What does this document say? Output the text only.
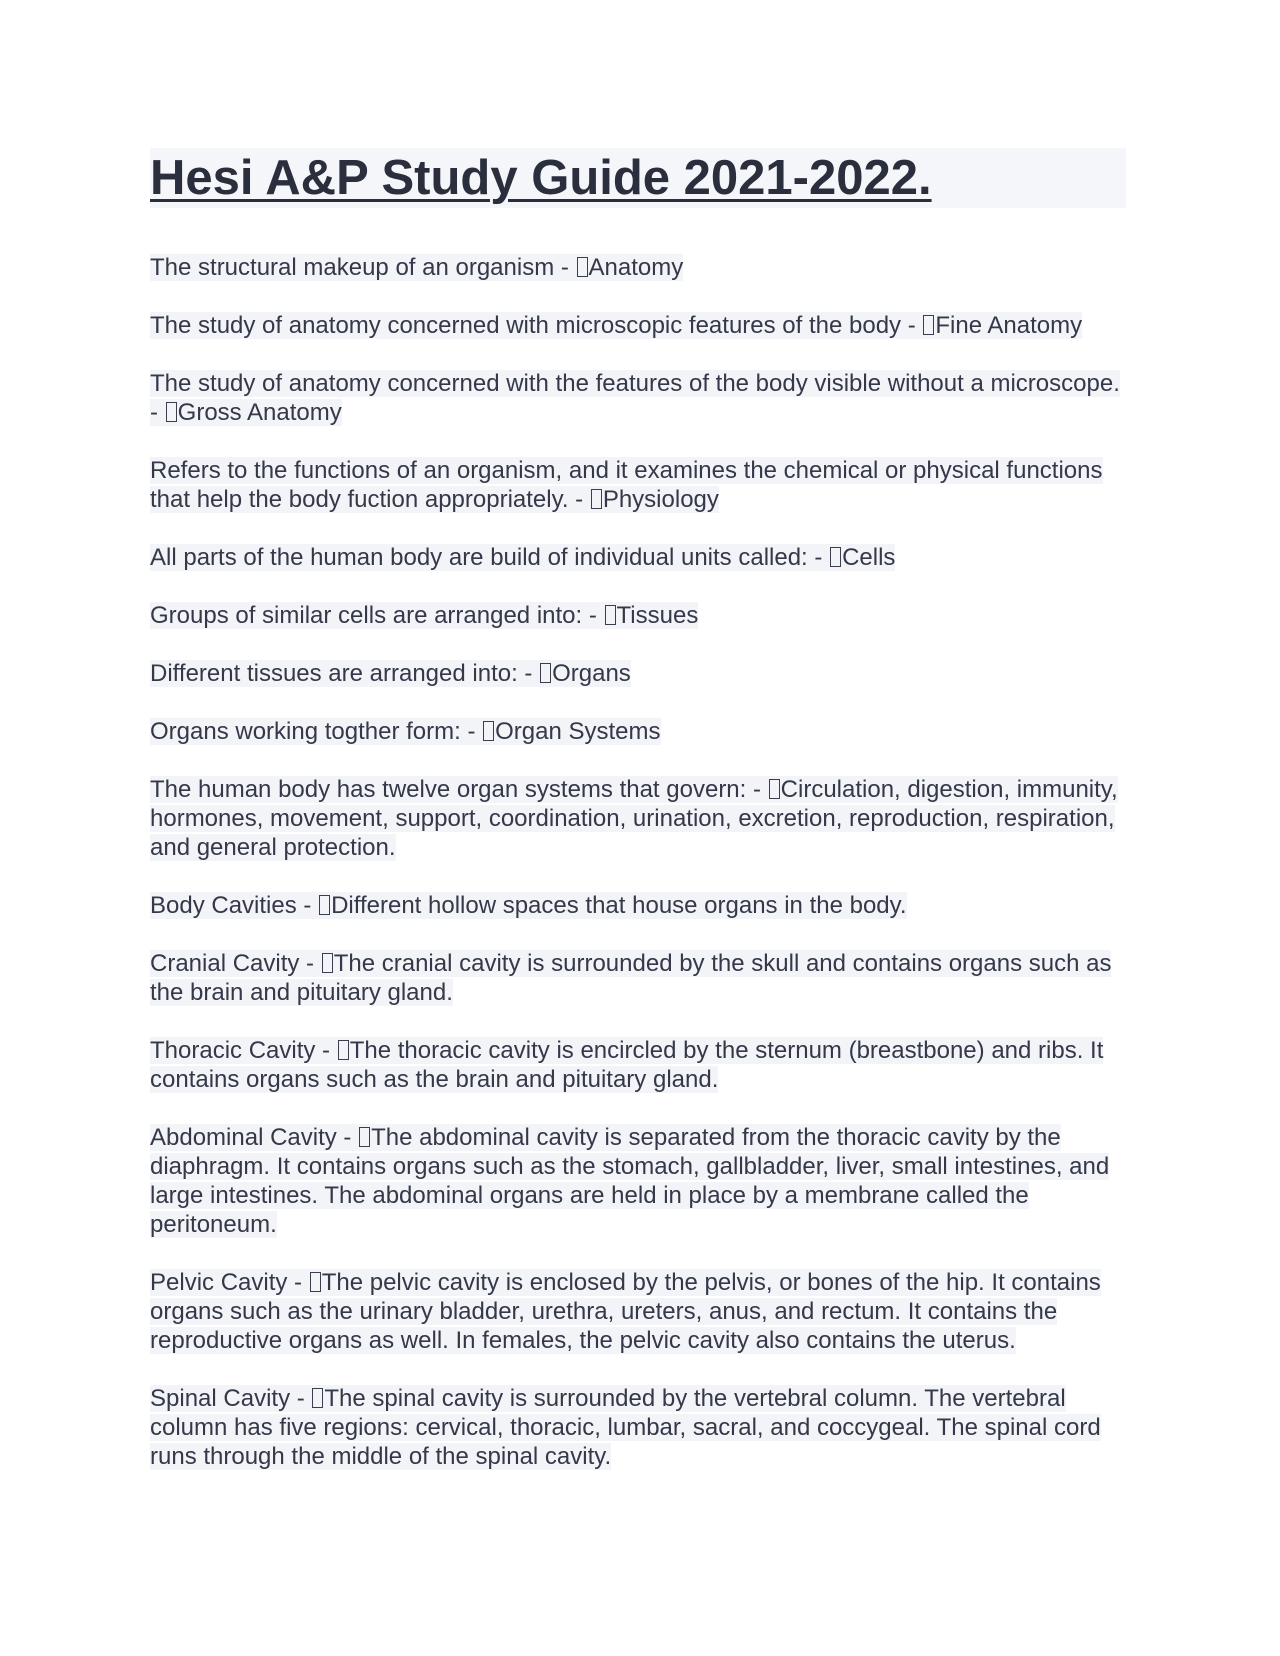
Hesi A&P Study Guide 2021-2022.

The structural makeup of an organism - Anatomy

The study of anatomy concerned with microscopic features of the body - Fine Anatomy

The study of anatomy concerned with the features of the body visible without a microscope. - Gross Anatomy

Refers to the functions of an organism, and it examines the chemical or physical functions that help the body fuction appropriately. - Physiology

All parts of the human body are build of individual units called: - Cells

Groups of similar cells are arranged into: - Tissues

Different tissues are arranged into: - Organs

Organs working togther form: - Organ Systems

The human body has twelve organ systems that govern: - Circulation, digestion, immunity, hormones, movement, support, coordination, urination, excretion, reproduction, respiration, and general protection.

Body Cavities - Different hollow spaces that house organs in the body.

Cranial Cavity - The cranial cavity is surrounded by the skull and contains organs such as the brain and pituitary gland.

Thoracic Cavity - The thoracic cavity is encircled by the sternum (breastbone) and ribs. It contains organs such as the brain and pituitary gland.

Abdominal Cavity - The abdominal cavity is separated from the thoracic cavity by the diaphragm. It contains organs such as the stomach, gallbladder, liver, small intestines, and large intestines. The abdominal organs are held in place by a membrane called the peritoneum.

Pelvic Cavity - The pelvic cavity is enclosed by the pelvis, or bones of the hip. It contains organs such as the urinary bladder, urethra, ureters, anus, and rectum. It contains the reproductive organs as well. In females, the pelvic cavity also contains the uterus.

Spinal Cavity - The spinal cavity is surrounded by the vertebral column. The vertebral column has five regions: cervical, thoracic, lumbar, sacral, and coccygeal. The spinal cord runs through the middle of the spinal cavity.
